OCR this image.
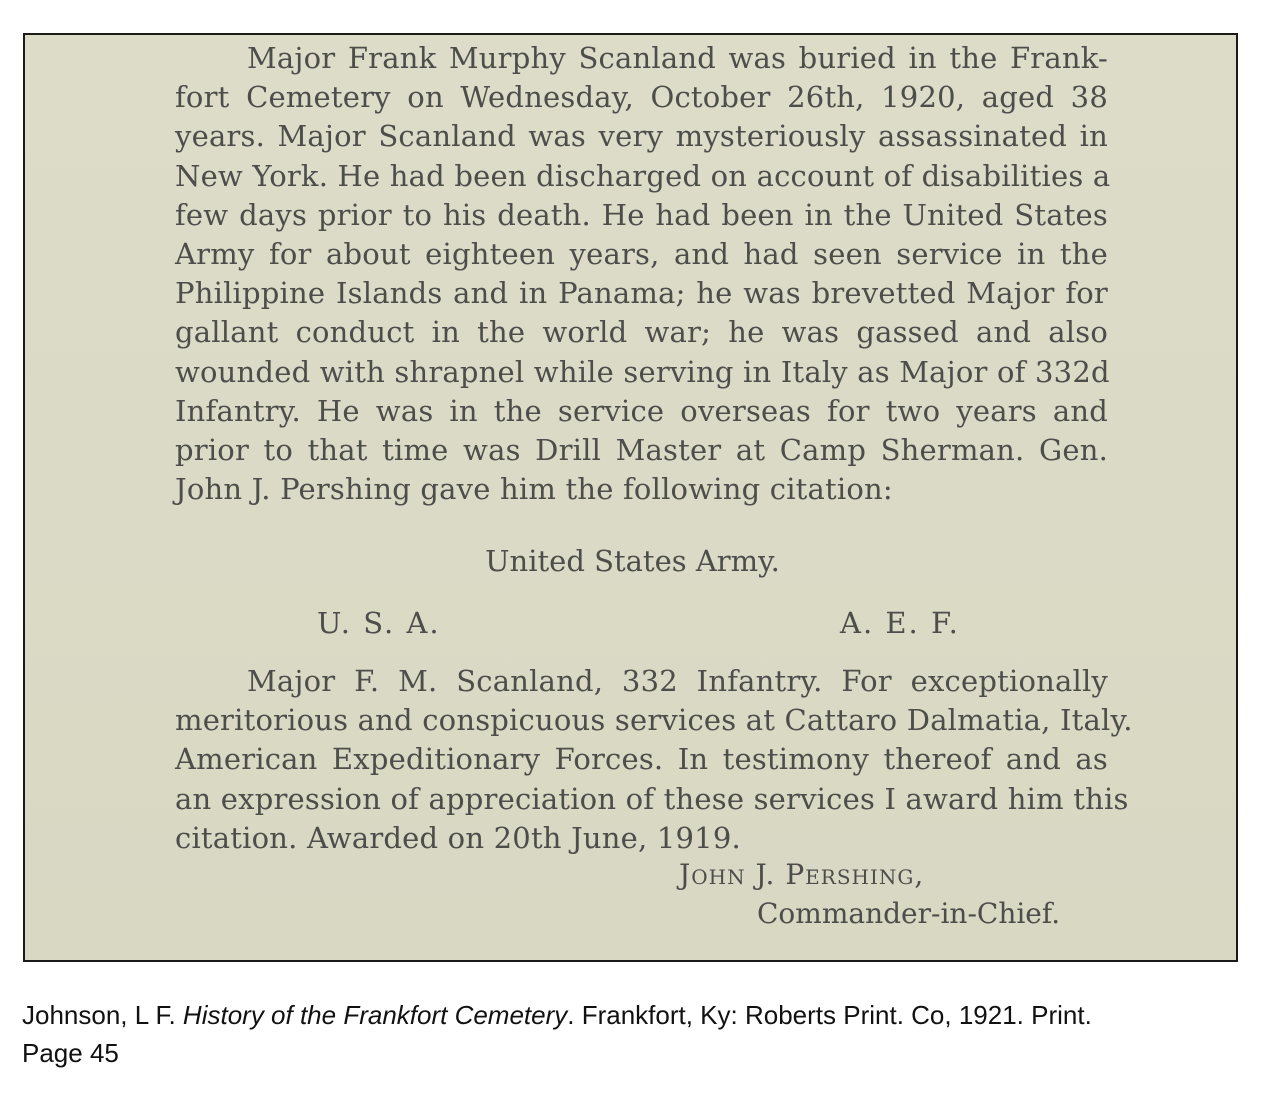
Major Frank Murphy Scanland was buried in the Frank-
fort Cemetery on Wednesday, October 26th, 1920, aged 38
years. Major Scanland was very mysteriously assassinated in
New York. He had been discharged on account of disabilities a
few days prior to his death. He had been in the United States
Army for about eighteen years, and had seen service in the
Philippine Islands and in Panama; he was brevetted Major for
gallant conduct in the world war; he was gassed and also
wounded with shrapnel while serving in Italy as Major of 332d
Infantry. He was in the service overseas for two years and
prior to that time was Drill Master at Camp Sherman. Gen.
John J. Pershing gave him the following citation:
United States Army.
U. S. A.	A. E. F.
Major F. M. Scanland, 332 Infantry. For exceptionally
meritorious and conspicuous services at Cattaro Dalmatia, Italy.
American Expeditionary Forces. In testimony thereof and as
an expression of appreciation of these services I award him this
citation. Awarded on 20th June, 1919.
John J. Pershing,
Commander-in-Chief.
Johnson, L F. History of the Frankfort Cemetery. Frankfort, Ky: Roberts Print. Co, 1921. Print.
Page 45
